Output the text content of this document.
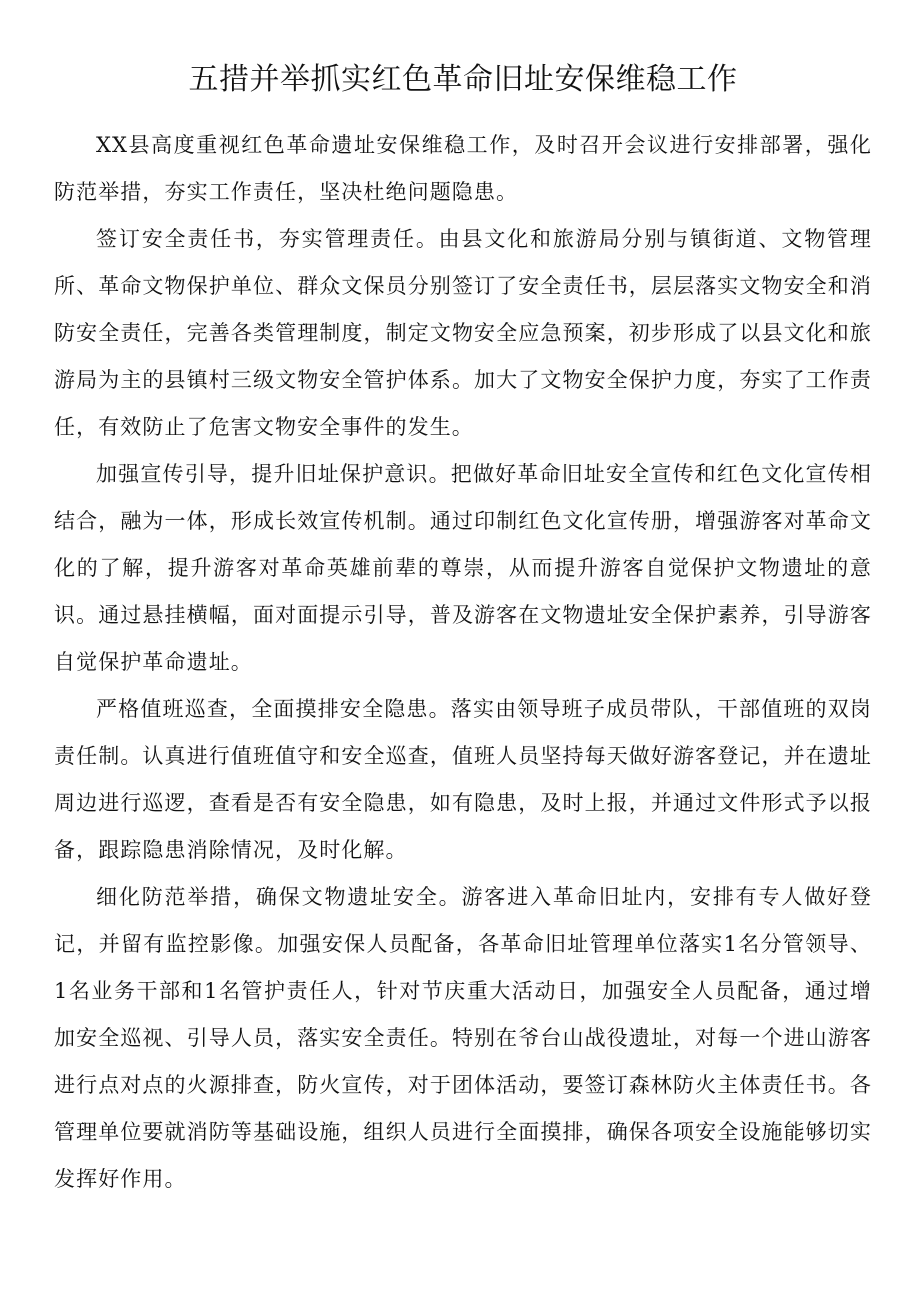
五措并举抓实红色革命旧址安保维稳工作

XX县高度重视红色革命遗址安保维稳工作，及时召开会议进行安排部署，强化防范举措，夯实工作责任，坚决杜绝问题隐患。

签订安全责任书，夯实管理责任。由县文化和旅游局分别与镇街道、文物管理所、革命文物保护单位、群众文保员分别签订了安全责任书，层层落实文物安全和消防安全责任，完善各类管理制度，制定文物安全应急预案，初步形成了以县文化和旅游局为主的县镇村三级文物安全管护体系。加大了文物安全保护力度，夯实了工作责任，有效防止了危害文物安全事件的发生。

加强宣传引导，提升旧址保护意识。把做好革命旧址安全宣传和红色文化宣传相结合，融为一体，形成长效宣传机制。通过印制红色文化宣传册，增强游客对革命文化的了解，提升游客对革命英雄前辈的尊崇，从而提升游客自觉保护文物遗址的意识。通过悬挂横幅，面对面提示引导，普及游客在文物遗址安全保护素养，引导游客自觉保护革命遗址。

严格值班巡查，全面摸排安全隐患。落实由领导班子成员带队，干部值班的双岗责任制。认真进行值班值守和安全巡查，值班人员坚持每天做好游客登记，并在遗址周边进行巡逻，查看是否有安全隐患，如有隐患，及时上报，并通过文件形式予以报备，跟踪隐患消除情况，及时化解。

细化防范举措，确保文物遗址安全。游客进入革命旧址内，安排有专人做好登记，并留有监控影像。加强安保人员配备，各革命旧址管理单位落实1名分管领导、1名业务干部和1名管护责任人，针对节庆重大活动日，加强安全人员配备，通过增加安全巡视、引导人员，落实安全责任。特别在爷台山战役遗址，对每一个进山游客进行点对点的火源排查，防火宣传，对于团体活动，要签订森林防火主体责任书。各管理单位要就消防等基础设施，组织人员进行全面摸排，确保各项安全设施能够切实发挥好作用。
